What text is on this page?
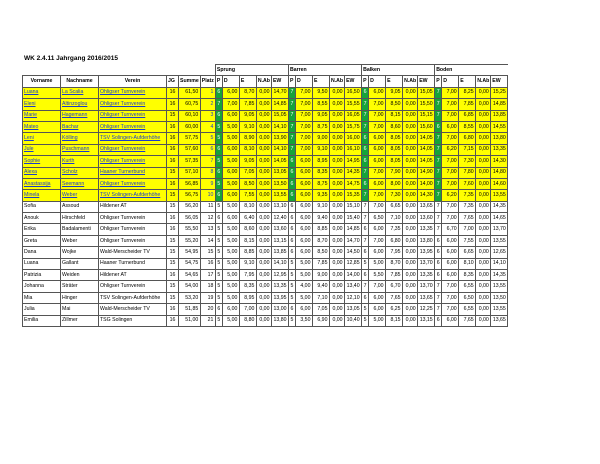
WK 2.4.11 Jahrgang 2016/2015
						Sprung					Barren					Balken					Boden				
Vorname	Nachname	Verein	JG	Summe	Platz	P	D	E	N.Ab	EW	P	D	E	N.Ab	EW	P	D	E	N.Ab	EW	P	D	E	N.Ab	EW
Luana	La Scalia	Ohligser Turnverein	16	61,50	1	6	6,00	8,70	0,00	14,70	7	7,00	9,50	0,00	16,50	6	6,00	9,05	0,00	15,05	7	7,00	8,25	0,00	15,25
Eleni	Altinzoglou	Ohligser Turnverein	16	60,75	2	7	7,00	7,85	0,00	14,85	7	7,00	8,55	0,00	15,55	7	7,00	8,50	0,00	15,50	7	7,00	7,85	0,00	14,85
Marie	Hagemann	Ohligser Turnverein	15	60,10	3	6	6,00	9,05	0,00	15,05	7	7,00	9,05	0,00	16,05	7	7,00	8,15	0,00	15,15	7	7,00	6,85	0,00	13,85
Mateo	Bachar	Ohligser Turnverein	16	60,00	4	5	5,00	9,10	0,00	14,10	7	7,00	8,75	0,00	15,75	7	7,00	8,60	0,00	15,60	6	6,00	8,55	0,00	14,55
Leni	Kölling	TSV Solingen-Aufderhöhe	16	57,75	5	5	5,00	8,90	0,00	13,90	7	7,00	9,00	0,00	16,00	6	6,00	8,05	0,00	14,05	7	7,00	6,80	0,00	13,80
Jule	Puschmann	Ohligser Turnverein	16	57,60	6	6	6,00	8,10	0,00	14,10	7	7,00	9,10	0,00	16,10	6	6,00	8,05	0,00	14,05	7	6,20	7,15	0,00	13,35
Sophie	Kurth	Ohligser Turnverein	16	57,35	7	5	5,00	9,05	0,00	14,05	6	6,00	8,95	0,00	14,95	6	6,00	8,05	0,00	14,05	7	7,00	7,30	0,00	14,30
Alexa	Scholz	Haaner Turnerbund	15	57,10	8	6	6,00	7,05	0,00	13,05	6	6,00	8,35	0,00	14,35	7	7,00	7,90	0,00	14,90	7	7,00	7,80	0,00	14,80
Anastassija	Seemann	Ohligser Turnverein	16	56,85	9	5	5,00	8,50	0,00	13,50	6	6,00	8,75	0,00	14,75	6	6,00	8,00	0,00	14,00	7	7,00	7,60	0,00	14,60
Minela	Weber	TSV Solingen-Aufderhöhe	15	56,75	10	6	6,00	7,55	0,00	13,55	6	6,00	9,35	0,00	15,35	7	7,00	7,30	0,00	14,30	7	6,20	7,35	0,00	13,55
Sofia	Assoud	Hildener AT	15	56,20	11	5	5,00	8,10	0,00	13,10	6	6,00	9,10	0,00	15,10	7	7,00	6,65	0,00	13,65	7	7,00	7,35	0,00	14,35
Anouk	Hirschfeld	Ohligser Turnverein	16	56,05	12	6	6,00	6,40	0,00	12,40	6	6,00	9,40	0,00	15,40	7	6,50	7,10	0,00	13,60	7	7,00	7,65	0,00	14,65
Erika	Badalamenti	Ohligser Turnverein	16	55,50	13	5	5,00	8,60	0,00	13,60	6	6,00	8,85	0,00	14,85	6	6,00	7,35	0,00	13,35	7	6,70	7,00	0,00	13,70
Greta	Weber	Ohligser Turnverein	15	55,20	14	5	5,00	8,15	0,00	13,15	6	6,00	8,70	0,00	14,70	7	7,00	6,80	0,00	13,80	6	6,00	7,55	0,00	13,55
Dana	Wojke	Wald-Merscheider TV	15	54,95	15	5	5,00	8,85	0,00	13,85	6	6,00	8,50	0,00	14,50	6	6,00	7,95	0,00	13,95	6	6,00	6,65	0,00	12,65
Luana	Gallant	Haaner Turnerbund	15	54,75	16	5	5,00	9,10	0,00	14,10	5	5,00	7,85	0,00	12,85	5	5,00	8,70	0,00	13,70	6	6,00	8,10	0,00	14,10
Patrizia	Weiden	Hildener AT	16	54,65	17	5	5,00	7,95	0,00	12,95	5	5,00	9,00	0,00	14,00	6	5,50	7,85	0,00	13,35	6	6,00	8,35	0,00	14,35
Johanna	Sträter	Ohligser Turnverein	15	54,00	18	5	5,00	8,35	0,00	13,35	5	4,00	9,40	0,00	13,40	7	7,00	6,70	0,00	13,70	7	7,00	6,55	0,00	13,55
Mia	Hinger	TSV Solingen-Aufderhöhe	15	53,20	19	5	5,00	8,95	0,00	13,95	5	5,00	7,10	0,00	12,10	6	6,00	7,65	0,00	13,65	7	7,00	6,50	0,00	13,50
Julia	Mai	Wald-Merscheider TV	16	51,85	20	6	6,00	7,00	0,00	13,00	6	6,00	7,05	0,00	13,05	5	6,00	6,25	0,00	12,25	7	7,00	6,55	0,00	13,55
Emilia	Zillmer	TSG Solingen	16	51,00	21	5	5,00	8,80	0,00	13,80	5	3,50	6,90	0,00	10,40	5	5,00	8,15	0,00	13,15	6	6,00	7,65	0,00	13,65
